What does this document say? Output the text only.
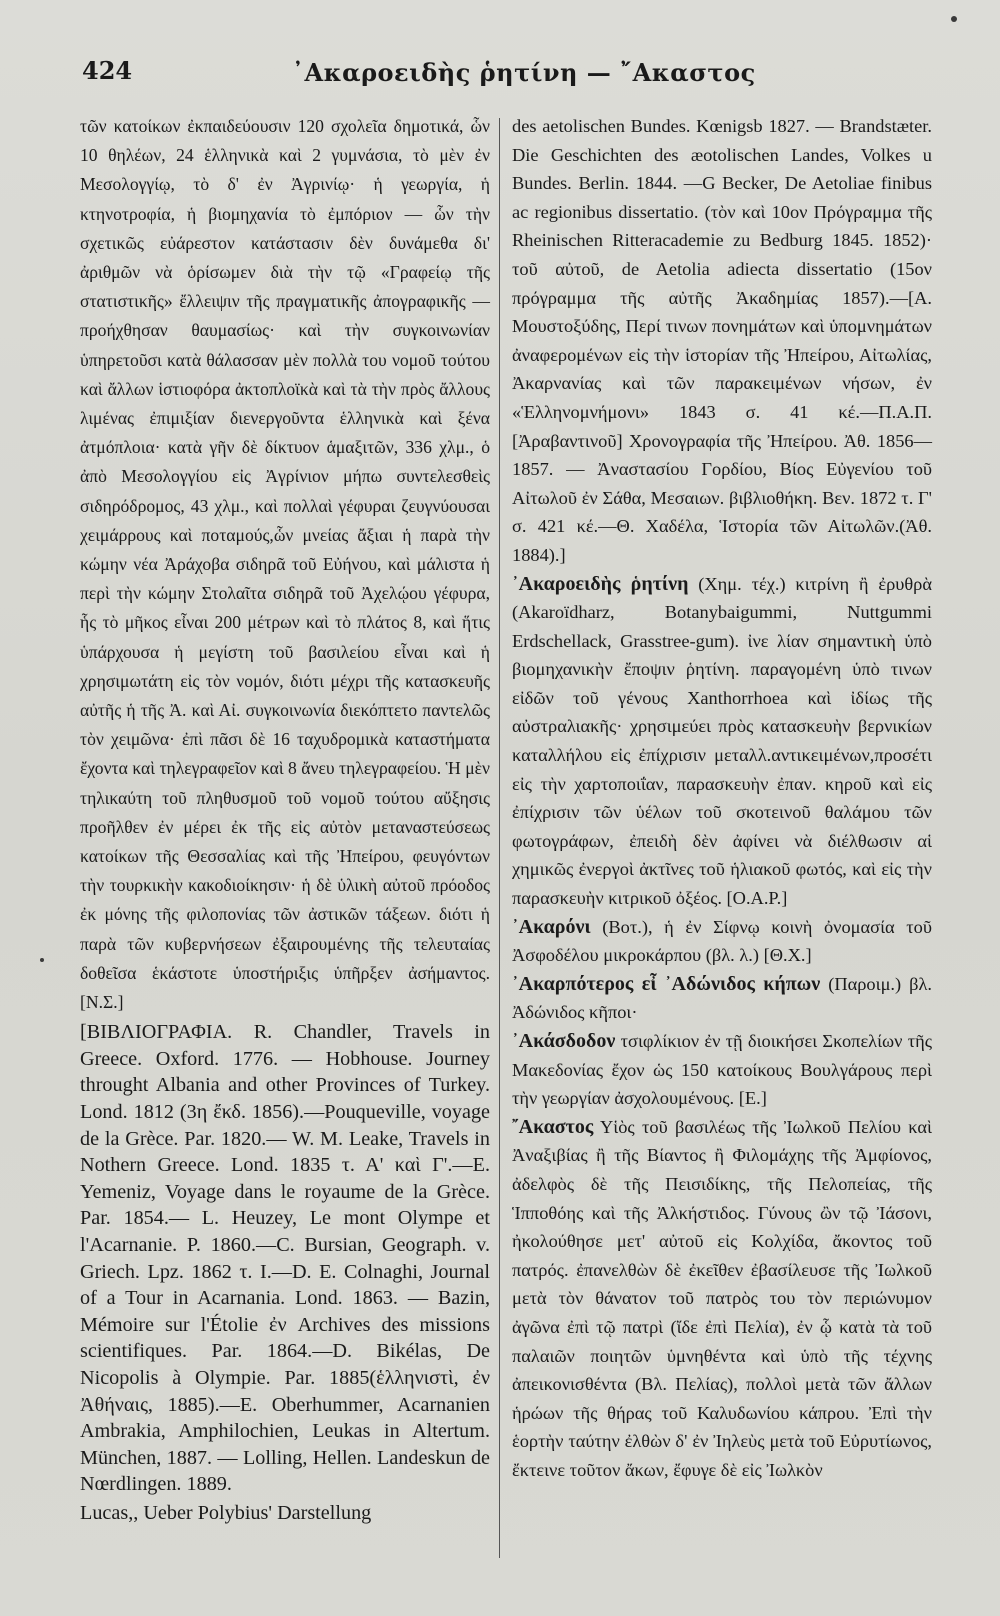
424	᾿Ακαροειδὴς ῥητίνη — ῎Ακαστος

τῶν κατοίκων ἐκπαιδεύουσιν 120 σχολεῖα δημοτικά, ὧν 10 θηλέων, 24 ἑλληνικὰ καὶ 2 γυμνάσια, τὸ μὲν ἐν Μεσολογγίῳ, τὸ δ' ἐν Ἀγρινίῳ· ἡ γεωργία, ἡ κτηνοτροφία, ἡ βιομηχανία τὸ ἐμπόριον — ὧν τὴν σχετικῶς εὐάρεστον κατάστασιν δὲν δυνάμεθα δι' ἀριθμῶν νὰ ὁρίσωμεν διὰ τὴν τῷ «Γραφείῳ τῆς στατιστικῆς» ἔλλειψιν τῆς πραγματικῆς ἀπογραφικῆς — προήχθησαν θαυμασίως· καὶ τὴν συγκοινωνίαν ὑπηρετοῦσι κατὰ θάλασσαν μὲν πολλὰ του νομοῦ τούτου καὶ ἄλλων ἱστιοφόρα ἀκτοπλοϊκὰ καὶ τὰ τὴν πρὸς ἄλλους λιμένας ἐπιμιξίαν διενεργοῦντα ἑλληνικὰ καὶ ξένα ἀτμόπλοια· κατὰ γῆν δὲ δίκτυον ἁμαξιτῶν, 336 χλμ., ὁ ἀπὸ Μεσολογγίου εἰς Ἀγρίνιον μήπω συντελεσθεὶς σιδηρόδρομος, 43 χλμ., καὶ πολλαὶ γέφυραι ζευγνύουσαι χειμάρρους καὶ ποταμούς,ὧν μνείας ἄξιαι ἡ παρὰ τὴν κώμην νέα Ἀράχοβα σιδηρᾶ τοῦ Εὐήνου, καὶ μάλιστα ἡ περὶ τὴν κώμην Στολαῖτα σιδηρᾶ τοῦ Ἀχελῴου γέφυρα, ἧς τὸ μῆκος εἶναι 200 μέτρων καὶ τὸ πλάτος 8, καὶ ἥτις ὑπάρχουσα ἡ μεγίστη τοῦ βασιλείου εἶναι καὶ ἡ χρησιμωτάτη εἰς τὸν νομόν, διότι μέχρι τῆς κατασκευῆς αὐτῆς ἡ τῆς Ἀ. καὶ Αἰ. συγκοινωνία διεκόπτετο παντελῶς τὸν χειμῶνα· ἐπὶ πᾶσι δὲ 16 ταχυδρομικὰ καταστήματα ἔχοντα καὶ τηλεγραφεῖον καὶ 8 ἄνευ τηλεγραφείου. Ἡ μὲν τηλικαύτη τοῦ πληθυσμοῦ τοῦ νομοῦ τούτου αὔξησις προῆλθεν ἐν μέρει ἐκ τῆς εἰς αὐτὸν μεταναστεύσεως κατοίκων τῆς Θεσσαλίας καὶ τῆς Ἠπείρου, φευγόντων τὴν τουρκικὴν κακοδιοίκησιν· ἡ δὲ ὑλικὴ αὐτοῦ πρόοδος ἐκ μόνης τῆς φιλοπονίας τῶν ἀστικῶν τάξεων. διότι ἡ παρὰ τῶν κυβερνήσεων ἐξαιρουμένης τῆς τελευταίας δοθεῖσα ἑκάστοτε ὑποστήριξις ὑπῆρξεν ἀσήμαντος. [Ν.Σ.]

[ΒΙΒΛΙΟΓΡΑΦΙΑ. R. Chandler, Travels in Greece. Oxford. 1776. — Hobhouse. Journey throught Albania and other Provinces of Turkey. Lond. 1812 (3η ἔκδ. 1856).—Pouqueville, voyage de la Grèce. Par. 1820.— W. M. Leake, Travels in Nothern Greece. Lond. 1835 τ. Α' καὶ Γ'.—E. Yemeniz, Voyage dans le royaume de la Grèce. Par. 1854.— L. Heuzey, Le mont Olympe et l'Acarnanie. P. 1860.—C. Bursian, Geograph. v. Griech. Lpz. 1862 τ. I.—D. E. Colnaghi, Journal of a Tour in Acarnania. Lond. 1863. — Bazin, Mémoire sur l'Étolie ἐν Archives des missions scientifiques. Par. 1864.—D. Bikélas, De Nicopolis à Olympie. Par. 1885(ἑλληνιστὶ, ἐν Ἀθήναις, 1885).—E. Oberhummer, Acarnanien Ambrakia, Amphilochien, Leukas in Altertum. München, 1887. — Lolling, Hellen. Landeskun de Nœrdlingen. 1889.

Lucas,, Ueber Polybius' Darstellung

des aetolischen Bundes. Kœnigsb 1827. — Brandstæter. Die Geschichten des æotolischen Landes, Volkes u Bundes. Berlin. 1844. —G Becker, De Aetoliae finibus ac regionibus dissertatio. (τὸν καὶ 10ον Πρόγραμμα τῆς Rheinischen Ritteracademie zu Bedburg 1845. 1852)· τοῦ αὐτοῦ, de Aetolia adiecta dissertatio (15ον πρόγραμμα τῆς αὐτῆς Ἀκαδημίας 1857).—[Α. Μουστοξύδης, Περί τινων πονημάτων καὶ ὑπομνημάτων ἀναφερομένων εἰς τὴν ἱστορίαν τῆς Ἠπείρου, Αἰτωλίας, Ἀκαρνανίας καὶ τῶν παρακειμένων νήσων, ἐν «Ἑλληνομνήμονι» 1843 σ. 41 κέ.—Π.Α.Π. [Ἀραβαντινοῦ] Χρονογραφία τῆς Ἠπείρου. Ἀθ. 1856—1857. — Ἀναστασίου Γορδίου, Βίος Εὐγενίου τοῦ Αἰτωλοῦ ἐν Σάθα, Μεσαιων. βιβλιοθήκη. Βεν. 1872 τ. Γ' σ. 421 κέ.—Θ. Χαδέλα, Ἱστορία τῶν Αἰτωλῶν.(Ἀθ. 1884).]

᾿Ακαροειδὴς ῥητίνη (Χημ. τέχ.) κιτρίνη ἢ ἐρυθρὰ (Akaroïdharz, Botanybaigummi, Nuttgummi Erdschellack, Grasstree-gum). ἰνε λίαν σημαντικὴ ὑπὸ βιομηχανικὴν ἔποψιν ῥητίνη. παραγομένη ὑπὸ τινων εἰδῶν τοῦ γένους Xanthorrhoea καὶ ἰδίως τῆς αὐστραλιακῆς· χρησιμεύει πρὸς κατασκευὴν βερνικίων καταλλήλου εἰς ἐπίχρισιν μεταλλ.αντικειμένων,προσέτι εἰς τὴν χαρτοποιΐαν, παρασκευὴν ἐπαν. κηροῦ καὶ εἰς ἐπίχρισιν τῶν ὑέλων τοῦ σκοτεινοῦ θαλάμου τῶν φωτογράφων, ἐπειδὴ δὲν ἀφίνει νὰ διέλθωσιν αἱ χημικῶς ἐνεργοὶ ἀκτῖνες τοῦ ἡλιακοῦ φωτός, καὶ εἰς τὴν παρασκευὴν κιτρικοῦ ὀξέος. [Ο.Α.Ρ.]

᾿Ακαρόνι (Βοτ.), ἡ ἐν Σίφνῳ κοινὴ ὀνομασία τοῦ Ἀσφοδέλου μικροκάρπου (βλ. λ.) [Θ.Χ.]

᾿Ακαρπότερος εἶ ᾿Αδώνιδος κήπων (Παροιμ.) βλ. Ἀδώνιδος κῆποι·

᾿Ακάσδοδον τσιφλίκιον ἐν τῇ διοικήσει Σκοπελίων τῆς Μακεδονίας ἔχον ὡς 150 κατοίκους Βουλγάρους περὶ τὴν γεωργίαν ἀσχολουμένους. [Ε.]

῎Ακαστος Υἱὸς τοῦ βασιλέως τῆς Ἰωλκοῦ Πελίου καὶ Ἀναξιβίας ἢ τῆς Βίαντος ἢ Φιλομάχης τῆς Ἀμφίονος, ἀδελφὸς δὲ τῆς Πεισιδίκης, τῆς Πελοπείας, τῆς Ἱπποθόης καὶ τῆς Ἀλκήστιδος. Γύνους ὢν τῷ Ἰάσονι, ἠκολούθησε μετ' αὐτοῦ εἰς Κολχίδα, ἄκοντος τοῦ πατρός. ἐπανελθὼν δὲ ἐκεῖθεν ἐβασίλευσε τῆς Ἰωλκοῦ μετὰ τὸν θάνατον τοῦ πατρὸς του τὸν περιώνυμον ἀγῶνα ἐπὶ τῷ πατρὶ (ἴδε ἐπὶ Πελία), ἐν ᾧ κατὰ τὰ τοῦ παλαιῶν ποιητῶν ὑμνηθέντα καὶ ὑπὸ τῆς τέχνης ἀπεικονισθέντα (Βλ. Πελίας), πολλοὶ μετὰ τῶν ἄλλων ἡρώων τῆς θήρας τοῦ Καλυδωνίου κάπρου. Ἐπὶ τὴν ἑορτὴν ταύτην ἐλθὼν δ' ἐν Ἰηλεὺς μετὰ τοῦ Εὐρυτίωνος, ἔκτεινε τοῦτον ἄκων, ἔφυγε δὲ εἰς Ἰωλκὸν
